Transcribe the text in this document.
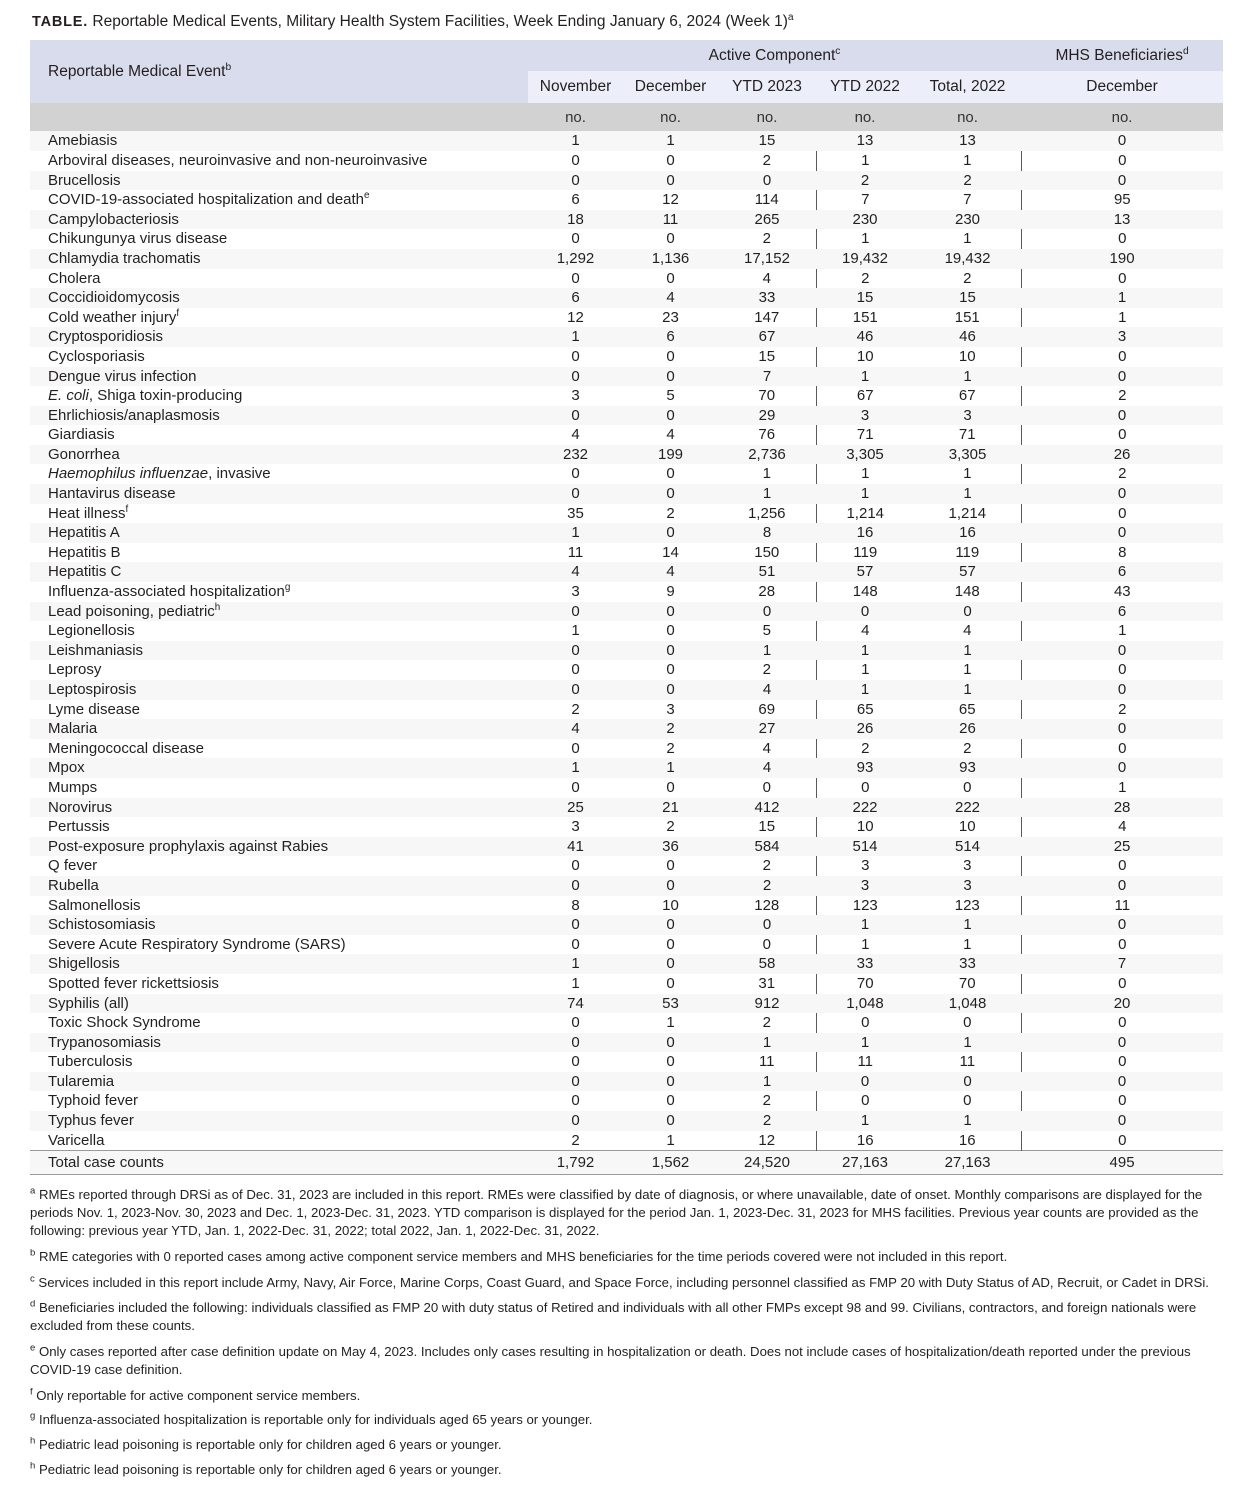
TABLE. Reportable Medical Events, Military Health System Facilities, Week Ending January 6, 2024 (Week 1)$^a$
Reportable Medical Event$^b$	Active Component$^c$					MHS Beneficiaries$^d$
	November	December	YTD 2023	YTD 2022	Total, 2022	December
	no.	no.	no.	no.	no.	no.
Amebiasis	1	1	15	13	13	0
Arboviral diseases, neuroinvasive and non-neuroinvasive	0	0	2	1	1	0
Brucellosis	0	0	0	2	2	0
COVID-19-associated hospitalization and death$^e$	6	12	114	7	7	95
Campylobacteriosis	18	11	265	230	230	13
Chikungunya virus disease	0	0	2	1	1	0
Chlamydia trachomatis	1,292	1,136	17,152	19,432	19,432	190
Cholera	0	0	4	2	2	0
Coccidioidomycosis	6	4	33	15	15	1
Cold weather injury$^f$	12	23	147	151	151	1
Cryptosporidiosis	1	6	67	46	46	3
Cyclosporiasis	0	0	15	10	10	0
Dengue virus infection	0	0	7	1	1	0
E. coli, Shiga toxin-producing	3	5	70	67	67	2
Ehrlichiosis/anaplasmosis	0	0	29	3	3	0
Giardiasis	4	4	76	71	71	0
Gonorrhea	232	199	2,736	3,305	3,305	26
Haemophilus influenzae, invasive	0	0	1	1	1	2
Hantavirus disease	0	0	1	1	1	0
Heat illness$^f$	35	2	1,256	1,214	1,214	0
Hepatitis A	1	0	8	16	16	0
Hepatitis B	11	14	150	119	119	8
Hepatitis C	4	4	51	57	57	6
Influenza-associated hospitalization$^g$	3	9	28	148	148	43
Lead poisoning, pediatric$^h$	0	0	0	0	0	6
Legionellosis	1	0	5	4	4	1
Leishmaniasis	0	0	1	1	1	0
Leprosy	0	0	2	1	1	0
Leptospirosis	0	0	4	1	1	0
Lyme disease	2	3	69	65	65	2
Malaria	4	2	27	26	26	0
Meningococcal disease	0	2	4	2	2	0
Mpox	1	1	4	93	93	0
Mumps	0	0	0	0	0	1
Norovirus	25	21	412	222	222	28
Pertussis	3	2	15	10	10	4
Post-exposure prophylaxis against Rabies	41	36	584	514	514	25
Q fever	0	0	2	3	3	0
Rubella	0	0	2	3	3	0
Salmonellosis	8	10	128	123	123	11
Schistosomiasis	0	0	0	1	1	0
Severe Acute Respiratory Syndrome (SARS)	0	0	0	1	1	0
Shigellosis	1	0	58	33	33	7
Spotted fever rickettsiosis	1	0	31	70	70	0
Syphilis (all)	74	53	912	1,048	1,048	20
Toxic Shock Syndrome	0	1	2	0	0	0
Trypanosomiasis	0	0	1	1	1	0
Tuberculosis	0	0	11	11	11	0
Tularemia	0	0	1	0	0	0
Typhoid fever	0	0	2	0	0	0
Typhus fever	0	0	2	1	1	0
Varicella	2	1	12	16	16	0
Total case counts	1,792	1,562	24,520	27,163	27,163	495

$^a$ RMEs reported through DRSi as of Dec. 31, 2023 are included in this report. RMEs were classified by date of diagnosis, or where unavailable, date of onset. Monthly comparisons are displayed for the periods Nov. 1, 2023-Nov. 30, 2023 and Dec. 1, 2023-Dec. 31, 2023. YTD comparison is displayed for the period Jan. 1, 2023-Dec. 31, 2023 for MHS facilities. Previous year counts are provided as the following: previous year YTD, Jan. 1, 2022-Dec. 31, 2022; total 2022, Jan. 1, 2022-Dec. 31, 2022.

$^b$ RME categories with 0 reported cases among active component service members and MHS beneficiaries for the time periods covered were not included in this report.

$^c$ Services included in this report include Army, Navy, Air Force, Marine Corps, Coast Guard, and Space Force, including personnel classified as FMP 20 with Duty Status of AD, Recruit, or Cadet in DRSi.

$^d$ Beneficiaries included the following: individuals classified as FMP 20 with duty status of Retired and individuals with all other FMPs except 98 and 99. Civilians, contractors, and foreign nationals were excluded from these counts.

$^e$ Only cases reported after case definition update on May 4, 2023. Includes only cases resulting in hospitalization or death. Does not include cases of hospitalization/death reported under the previous COVID-19 case definition.

$^f$ Only reportable for active component service members.

$^g$ Influenza-associated hospitalization is reportable only for individuals aged 65 years or younger.

$^h$ Pediatric lead poisoning is reportable only for children aged 6 years or younger.

$^h$ Pediatric lead poisoning is reportable only for children aged 6 years or younger.
